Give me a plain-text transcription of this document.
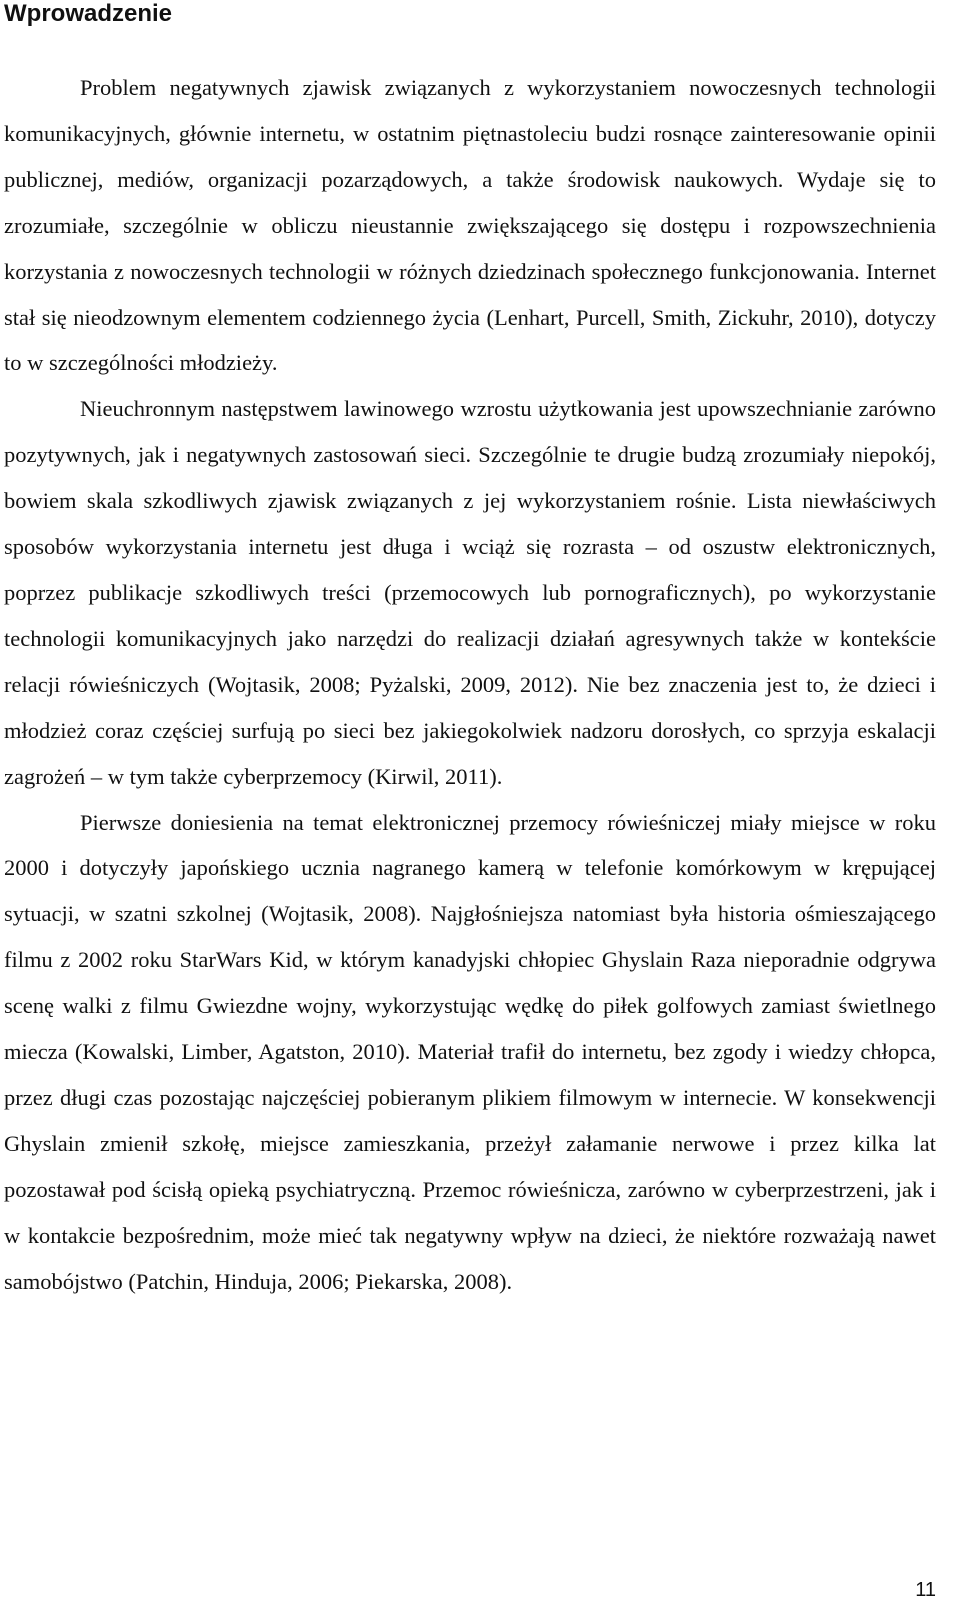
Wprowadzenie

Problem negatywnych zjawisk związanych z wykorzystaniem nowoczesnych technologii komunikacyjnych, głównie internetu, w ostatnim piętnastoleciu budzi rosnące zainteresowanie opinii publicznej, mediów, organizacji pozarządowych, a także środowisk naukowych. Wydaje się to zrozumiałe, szczególnie w obliczu nieustannie zwiększającego się dostępu i rozpowszechnienia korzystania z nowoczesnych technologii w różnych dziedzinach społecznego funkcjonowania. Internet stał się nieodzownym elementem codziennego życia (Lenhart, Purcell, Smith, Zickuhr, 2010), dotyczy to w szczególności młodzieży.

Nieuchronnym następstwem lawinowego wzrostu użytkowania jest upowszechnianie zarówno pozytywnych, jak i negatywnych zastosowań sieci. Szczególnie te drugie budzą zrozumiały niepokój, bowiem skala szkodliwych zjawisk związanych z jej wykorzystaniem rośnie. Lista niewłaściwych sposobów wykorzystania internetu jest długa i wciąż się rozrasta – od oszustw elektronicznych, poprzez publikacje szkodliwych treści (przemocowych lub pornograficznych), po wykorzystanie technologii komunikacyjnych jako narzędzi do realizacji działań agresywnych także w kontekście relacji rówieśniczych (Wojtasik, 2008; Pyżalski, 2009, 2012). Nie bez znaczenia jest to, że dzieci i młodzież coraz częściej surfują po sieci bez jakiegokolwiek nadzoru dorosłych, co sprzyja eskalacji zagrożeń – w tym także cyberprzemocy (Kirwil, 2011).

Pierwsze doniesienia na temat elektronicznej przemocy rówieśniczej miały miejsce w roku 2000 i dotyczyły japońskiego ucznia nagranego kamerą w telefonie komórkowym w krępującej sytuacji, w szatni szkolnej (Wojtasik, 2008). Najgłośniejsza natomiast była historia ośmieszającego filmu z 2002 roku StarWars Kid, w którym kanadyjski chłopiec Ghyslain Raza nieporadnie odgrywa scenę walki z filmu Gwiezdne wojny, wykorzystując wędkę do piłek golfowych zamiast świetlnego miecza (Kowalski, Limber, Agatston, 2010). Materiał trafił do internetu, bez zgody i wiedzy chłopca, przez długi czas pozostając najczęściej pobieranym plikiem filmowym w internecie. W konsekwencji Ghyslain zmienił szkołę, miejsce zamieszkania, przeżył załamanie nerwowe i przez kilka lat pozostawał pod ścisłą opieką psychiatryczną. Przemoc rówieśnicza, zarówno w cyberprzestrzeni, jak i w kontakcie bezpośrednim, może mieć tak negatywny wpływ na dzieci, że niektóre rozważają nawet samobójstwo (Patchin, Hinduja, 2006; Piekarska, 2008).

11
